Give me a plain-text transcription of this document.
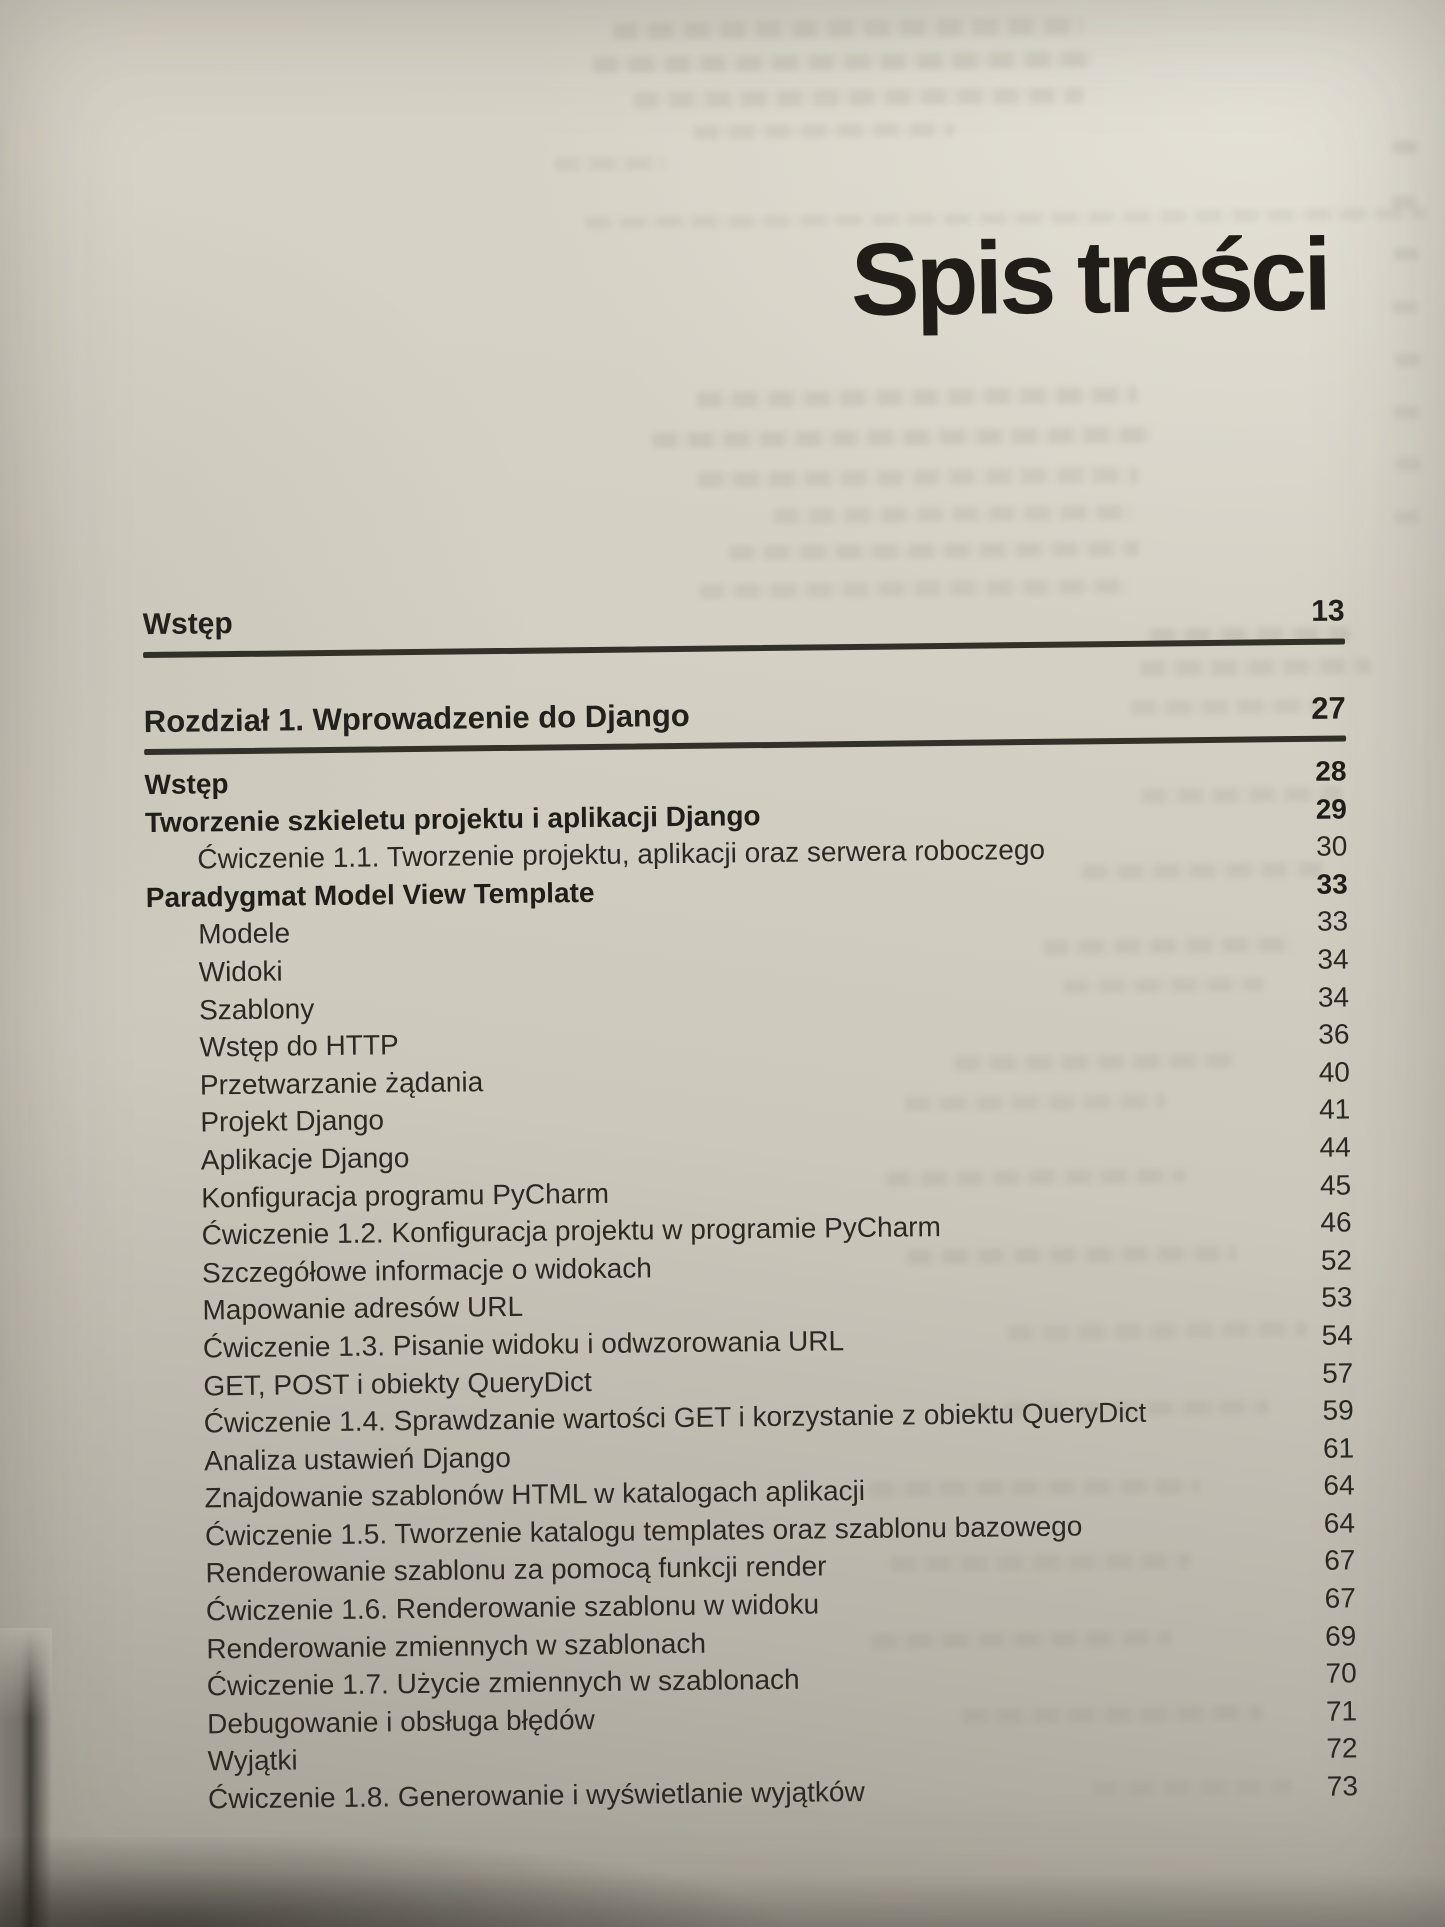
Spis treści
Wstęp	13
Rozdział 1. Wprowadzenie do Django	27
Wstęp	28
Tworzenie szkieletu projektu i aplikacji Django	29
Ćwiczenie 1.1. Tworzenie projektu, aplikacji oraz serwera roboczego	30
Paradygmat Model View Template	33
Modele	33
Widoki	34
Szablony	34
Wstęp do HTTP	36
Przetwarzanie żądania	40
Projekt Django	41
Aplikacje Django	44
Konfiguracja programu PyCharm	45
Ćwiczenie 1.2. Konfiguracja projektu w programie PyCharm	46
Szczegółowe informacje o widokach	52
Mapowanie adresów URL	53
Ćwiczenie 1.3. Pisanie widoku i odwzorowania URL	54
GET, POST i obiekty QueryDict	57
Ćwiczenie 1.4. Sprawdzanie wartości GET i korzystanie z obiektu QueryDict	59
Analiza ustawień Django	61
Znajdowanie szablonów HTML w katalogach aplikacji	64
Ćwiczenie 1.5. Tworzenie katalogu templates oraz szablonu bazowego	64
Renderowanie szablonu za pomocą funkcji render	67
Ćwiczenie 1.6. Renderowanie szablonu w widoku	67
Renderowanie zmiennych w szablonach	69
Ćwiczenie 1.7. Użycie zmiennych w szablonach	70
Debugowanie i obsługa błędów	71
Wyjątki	72
Ćwiczenie 1.8. Generowanie i wyświetlanie wyjątków	73
